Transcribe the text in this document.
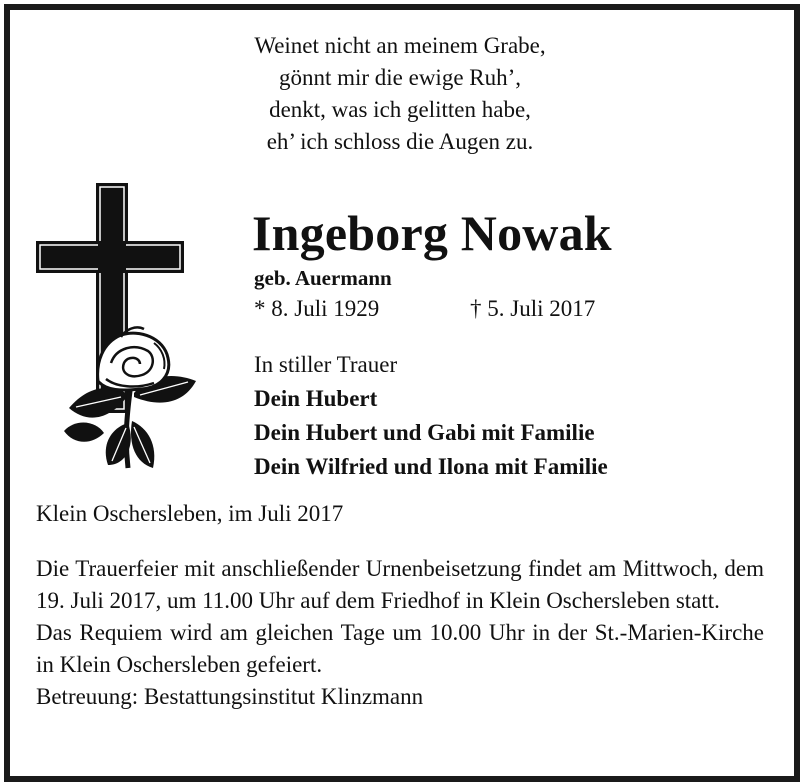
Weinet nicht an meinem Grabe,
gönnt mir die ewige Ruh’,
denkt, was ich gelitten habe,
eh’ ich schloss die Augen zu.
Ingeborg Nowak
geb. Auermann
* 8. Juli 1929	† 5. Juli 2017
In stiller Trauer
Dein Hubert
Dein Hubert und Gabi mit Familie
Dein Wilfried und Ilona mit Familie
Klein Oschersleben, im Juli 2017

Die Trauerfeier mit anschließender Urnenbeisetzung findet am Mittwoch, dem 19. Juli 2017, um 11.00 Uhr auf dem Friedhof in Klein Oschersleben statt.

Das Requiem wird am gleichen Tage um 10.00 Uhr in der St.-Marien-Kirche in Klein Oschersleben gefeiert.

Betreuung: Bestattungsinstitut Klinzmann
